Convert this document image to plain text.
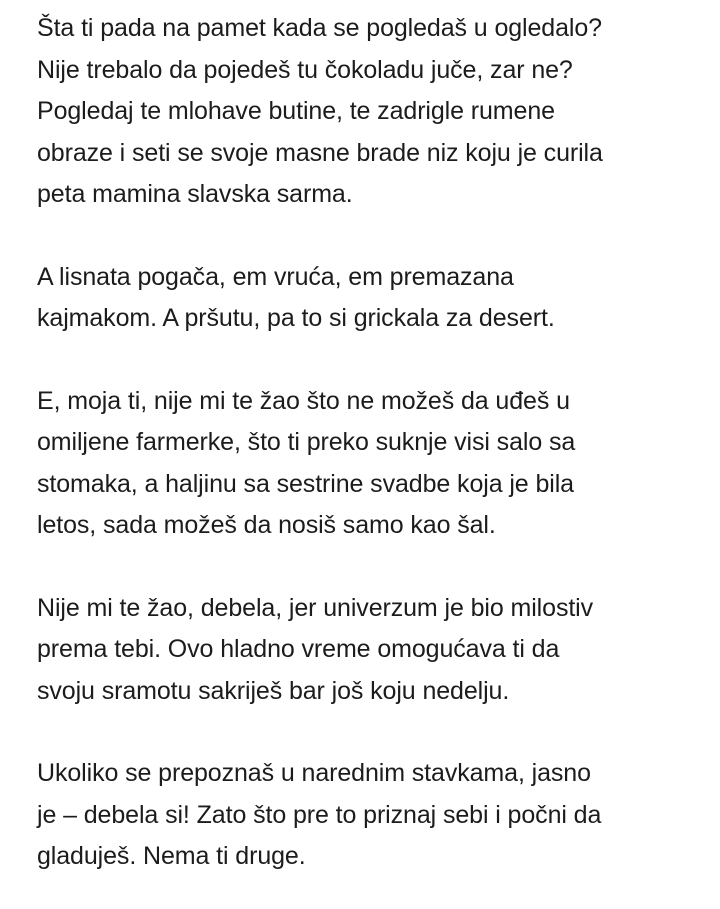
Šta ti pada na pamet kada se pogledaš u ogledalo?
Nije trebalo da pojedeš tu čokoladu juče, zar ne?
Pogledaj te mlohave butine, te zadrigle rumene
obraze i seti se svoje masne brade niz koju je curila
peta mamina slavska sarma.
A lisnata pogača, em vruća, em premazana
kajmakom. A pršutu, pa to si grickala za desert.
E, moja ti, nije mi te žao što ne možeš da uđeš u
omiljene farmerke, što ti preko suknje visi salo sa
stomaka, a haljinu sa sestrine svadbe koja je bila
letos, sada možeš da nosiš samo kao šal.
Nije mi te žao, debela, jer univerzum je bio milostiv
prema tebi. Ovo hladno vreme omogućava ti da
svoju sramotu sakriješ bar još koju nedelju.
Ukoliko se prepoznaš u narednim stavkama, jasno
je – debela si! Zato što pre to priznaj sebi i počni da
gladuješ. Nema ti druge.
